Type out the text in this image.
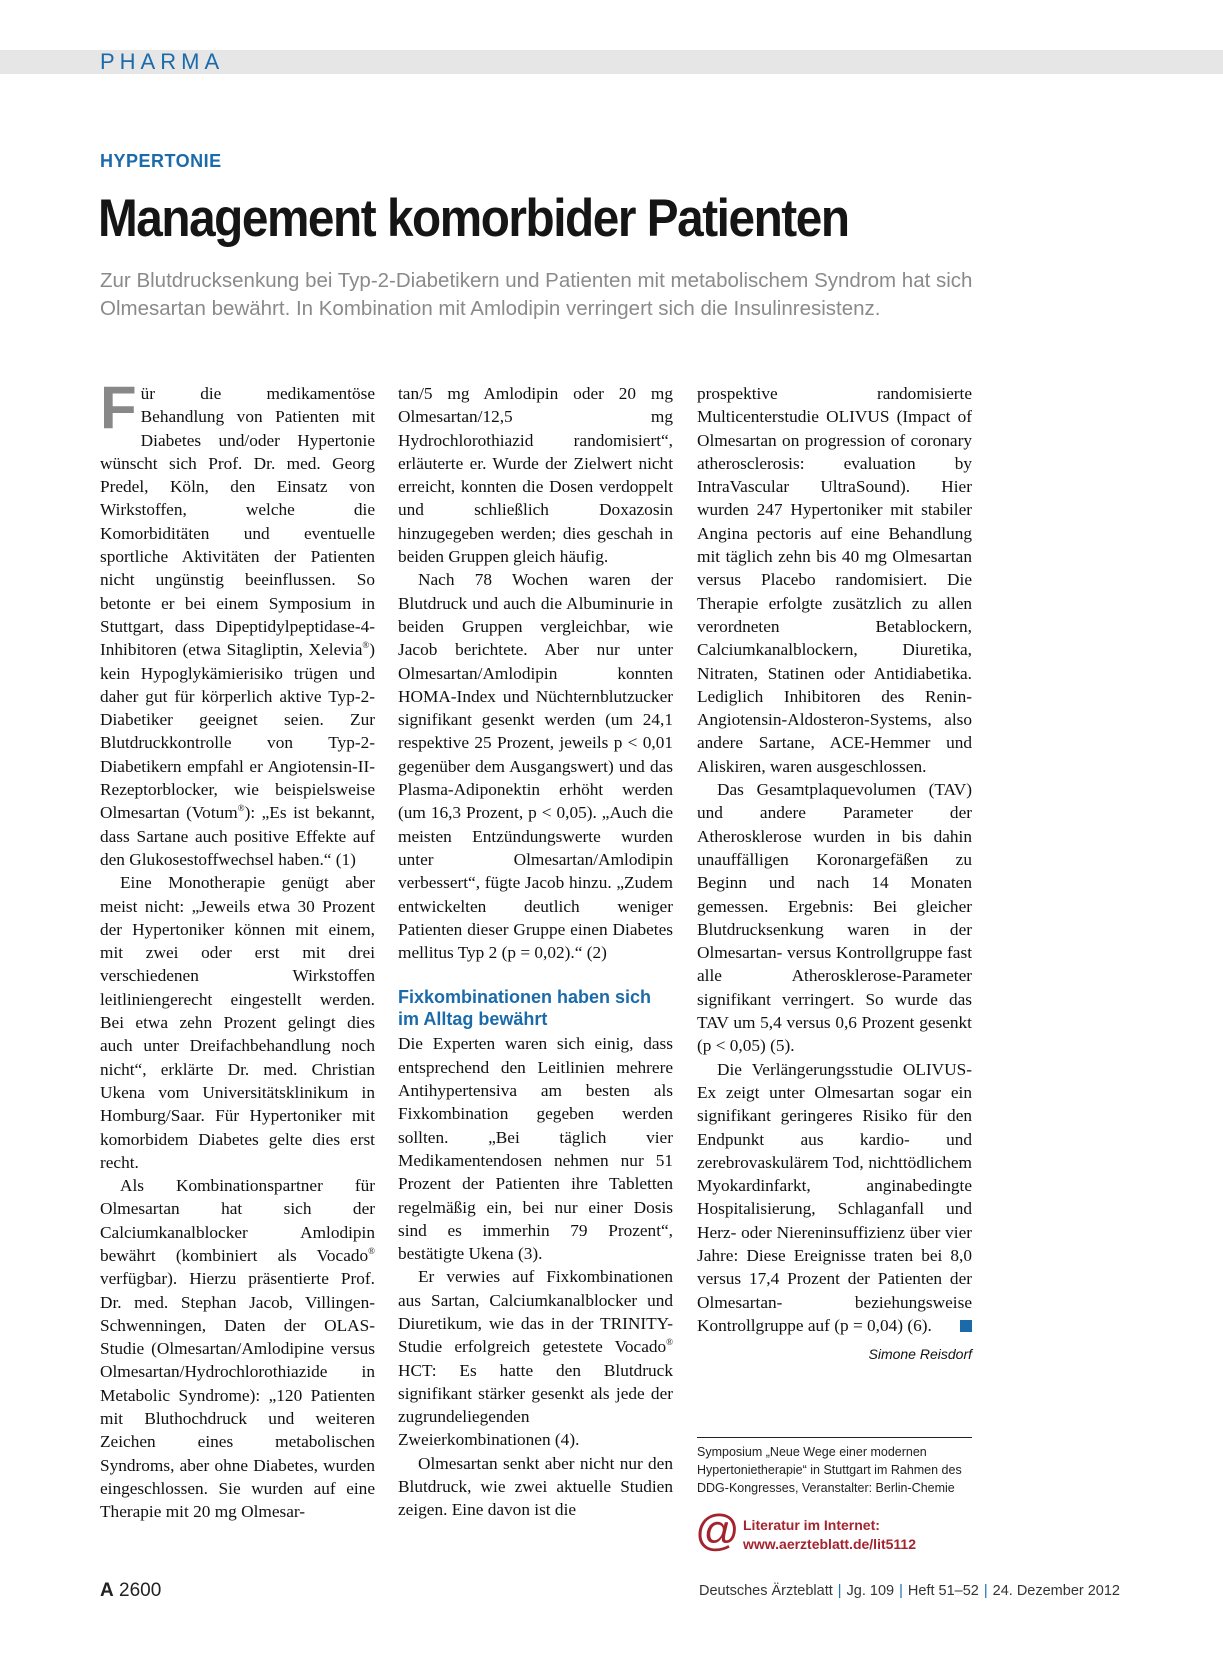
PHARMA
HYPERTONIE
Management komorbider Patienten

Zur Blutdrucksenkung bei Typ-2-Diabetikern und Patienten mit metabolischem Syndrom hat sich Olmesartan bewährt. In Kombination mit Amlodipin verringert sich die Insulinresistenz.

Für die medikamentöse Behandlung von Patienten mit Diabetes und/oder Hypertonie wünscht sich Prof. Dr. med. Georg Predel, Köln, den Einsatz von Wirkstoffen, welche die Komorbiditäten und eventuelle sportliche Aktivitäten der Patienten nicht ungünstig beeinflussen. So betonte er bei einem Symposium in Stuttgart, dass Dipeptidylpeptidase-4-Inhibitoren (etwa Sitagliptin, Xelevia®) kein Hypoglykämierisiko trügen und daher gut für körperlich aktive Typ-2-Diabetiker geeignet seien. Zur Blutdruckkontrolle von Typ-2-Diabetikern empfahl er Angiotensin-II-Rezeptorblocker, wie beispielsweise Olmesartan (Votum®): „Es ist bekannt, dass Sartane auch positive Effekte auf den Glukosestoffwechsel haben.“ (1)

Eine Monotherapie genügt aber meist nicht: „Jeweils etwa 30 Prozent der Hypertoniker können mit einem, mit zwei oder erst mit drei verschiedenen Wirkstoffen leitliniengerecht eingestellt werden. Bei etwa zehn Prozent gelingt dies auch unter Dreifachbehandlung noch nicht“, erklärte Dr. med. Christian Ukena vom Universitätsklinikum in Homburg/Saar. Für Hypertoniker mit komorbidem Diabetes gelte dies erst recht.

Als Kombinationspartner für Olmesartan hat sich der Calciumkanalblocker Amlodipin bewährt (kombiniert als Vocado® verfügbar). Hierzu präsentierte Prof. Dr. med. Stephan Jacob, Villingen-Schwenningen, Daten der OLAS-Studie (Olmesartan/Amlodipine versus Olmesartan/Hydrochlorothiazide in Metabolic Syndrome): „120 Patienten mit Bluthochdruck und weiteren Zeichen eines metabolischen Syndroms, aber ohne Diabetes, wurden eingeschlossen. Sie wurden auf eine Therapie mit 20 mg Olmesar-

tan/5 mg Amlodipin oder 20 mg Olmesartan/12,5 mg Hydrochlorothiazid randomisiert“, erläuterte er. Wurde der Zielwert nicht erreicht, konnten die Dosen verdoppelt und schließlich Doxazosin hinzugegeben werden; dies geschah in beiden Gruppen gleich häufig.

Nach 78 Wochen waren der Blutdruck und auch die Albuminurie in beiden Gruppen vergleichbar, wie Jacob berichtete. Aber nur unter Olmesartan/Amlodipin konnten HOMA-Index und Nüchternblutzucker signifikant gesenkt werden (um 24,1 respektive 25 Prozent, jeweils p < 0,01 gegenüber dem Ausgangswert) und das Plasma-Adiponektin erhöht werden (um 16,3 Prozent, p < 0,05). „Auch die meisten Entzündungswerte wurden unter Olmesartan/Amlodipin verbessert“, fügte Jacob hinzu. „Zudem entwickelten deutlich weniger Patienten dieser Gruppe einen Diabetes mellitus Typ 2 (p = 0,02).“ (2)

Fixkombinationen haben sich im Alltag bewährt

Die Experten waren sich einig, dass entsprechend den Leitlinien mehrere Antihypertensiva am besten als Fixkombination gegeben werden sollten. „Bei täglich vier Medikamentendosen nehmen nur 51 Prozent der Patienten ihre Tabletten regelmäßig ein, bei nur einer Dosis sind es immerhin 79 Prozent“, bestätigte Ukena (3).

Er verwies auf Fixkombinationen aus Sartan, Calciumkanalblocker und Diuretikum, wie das in der TRINITY-Studie erfolgreich getestete Vocado® HCT: Es hatte den Blutdruck signifikant stärker gesenkt als jede der zugrundeliegenden Zweierkombinationen (4).

Olmesartan senkt aber nicht nur den Blutdruck, wie zwei aktuelle Studien zeigen. Eine davon ist die

prospektive randomisierte Multicenterstudie OLIVUS (Impact of Olmesartan on progression of coronary atherosclerosis: evaluation by IntraVascular UltraSound). Hier wurden 247 Hypertoniker mit stabiler Angina pectoris auf eine Behandlung mit täglich zehn bis 40 mg Olmesartan versus Placebo randomisiert. Die Therapie erfolgte zusätzlich zu allen verordneten Betablockern, Calciumkanalblockern, Diuretika, Nitraten, Statinen oder Antidiabetika. Lediglich Inhibitoren des Renin-Angiotensin-Aldosteron-Systems, also andere Sartane, ACE-Hemmer und Aliskiren, waren ausgeschlossen.

Das Gesamtplaquevolumen (TAV) und andere Parameter der Atherosklerose wurden in bis dahin unauffälligen Koronargefäßen zu Beginn und nach 14 Monaten gemessen. Ergebnis: Bei gleicher Blutdrucksenkung waren in der Olmesartan- versus Kontrollgruppe fast alle Atherosklerose-Parameter signifikant verringert. So wurde das TAV um 5,4 versus 0,6 Prozent gesenkt (p < 0,05) (5).

Die Verlängerungsstudie OLIVUS-Ex zeigt unter Olmesartan sogar ein signifikant geringeres Risiko für den Endpunkt aus kardio- und zerebrovaskulärem Tod, nichttödlichem Myokardinfarkt, anginabedingte Hospitalisierung, Schlaganfall und Herz- oder Niereninsuffizienz über vier Jahre: Diese Ereignisse traten bei 8,0 versus 17,4 Prozent der Patienten der Olmesartan- beziehungsweise Kontrollgruppe auf (p = 0,04) (6).

Simone Reisdorf

Symposium „Neue Wege einer modernen Hypertonietherapie“ in Stuttgart im Rahmen des DDG-Kongresses, Veranstalter: Berlin-Chemie

@ Literatur im Internet:
www.aerzteblatt.de/lit5112
A 2600	Deutsches Ärzteblatt | Jg. 109 | Heft 51–52 | 24. Dezember 2012
